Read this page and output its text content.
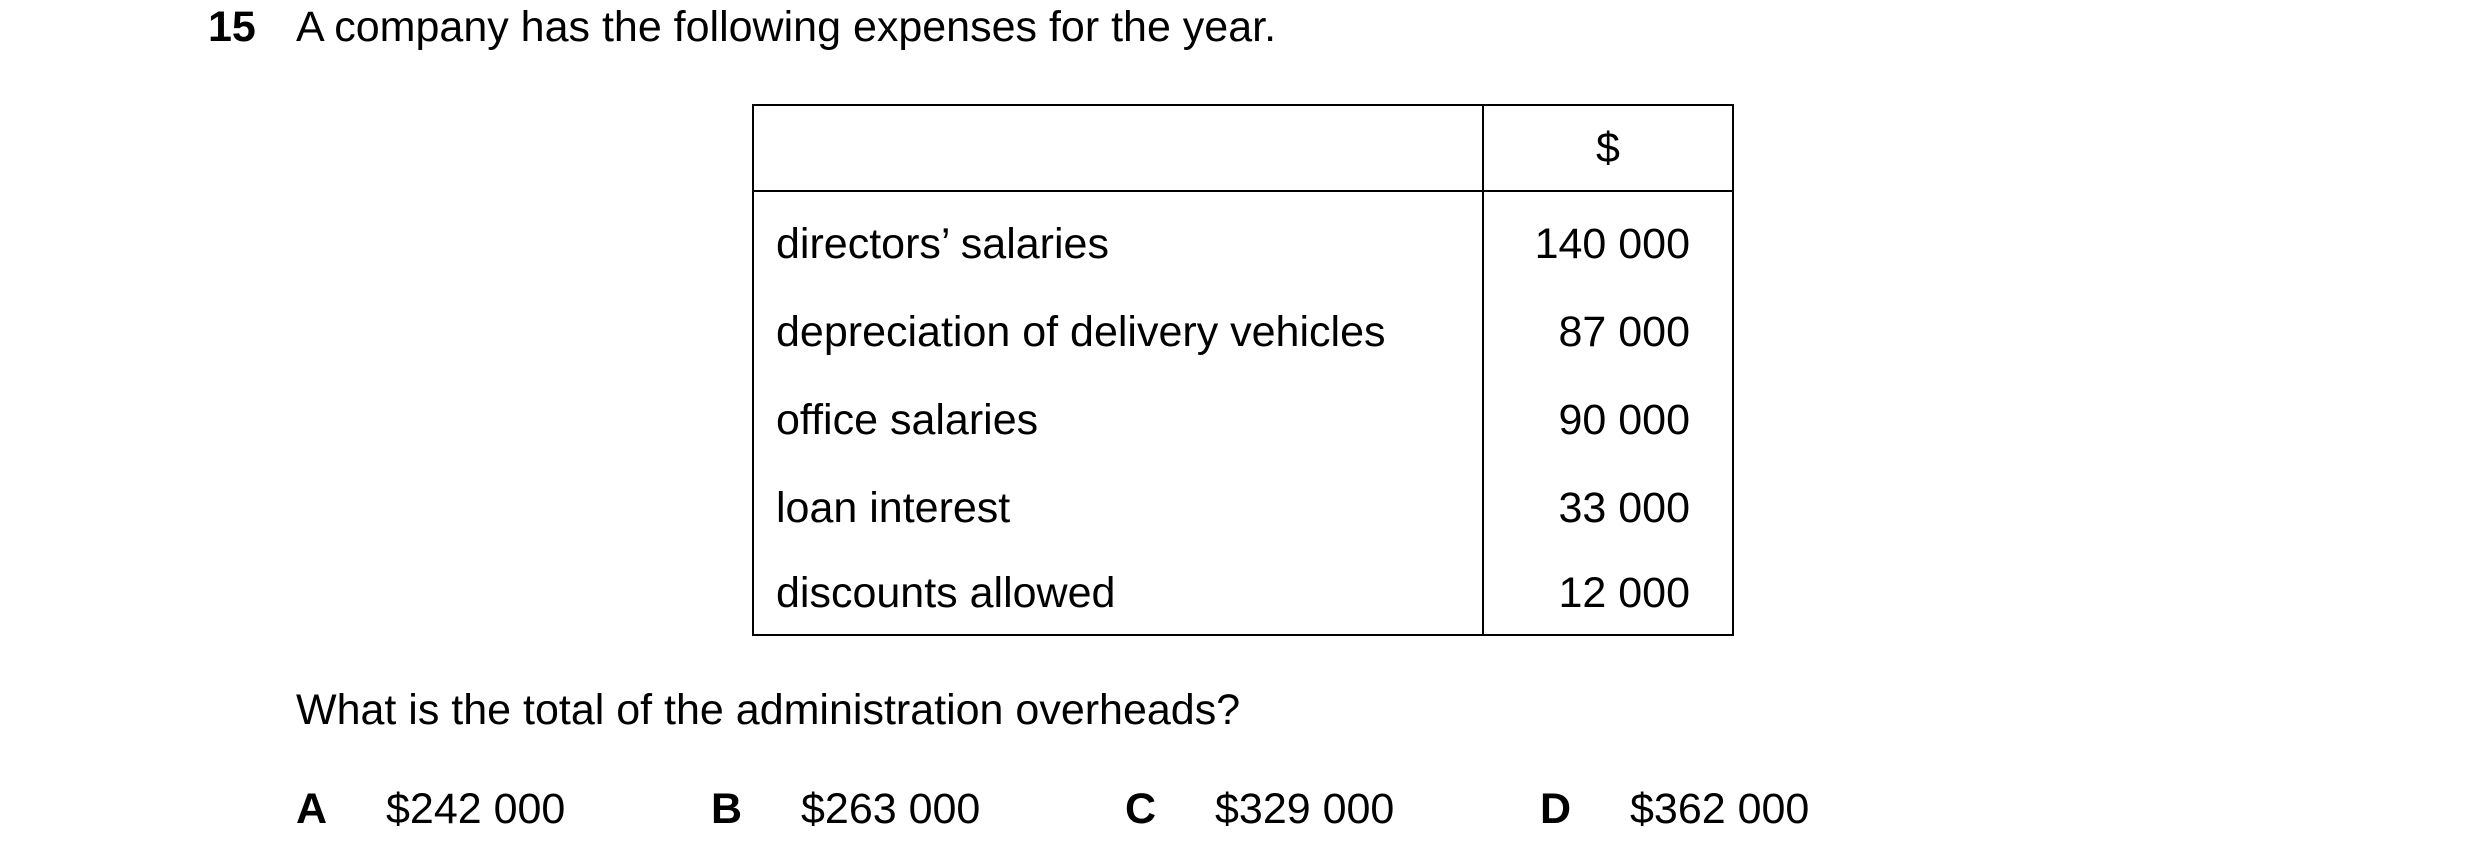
15 A company has the following expenses for the year.
	$
directors’ salaries	140 000
depreciation of delivery vehicles	87 000
office salaries	90 000
loan interest	33 000
discounts allowed	12 000
What is the total of the administration overheads?
A $242 000	B $263 000	C $329 000	D $362 000
